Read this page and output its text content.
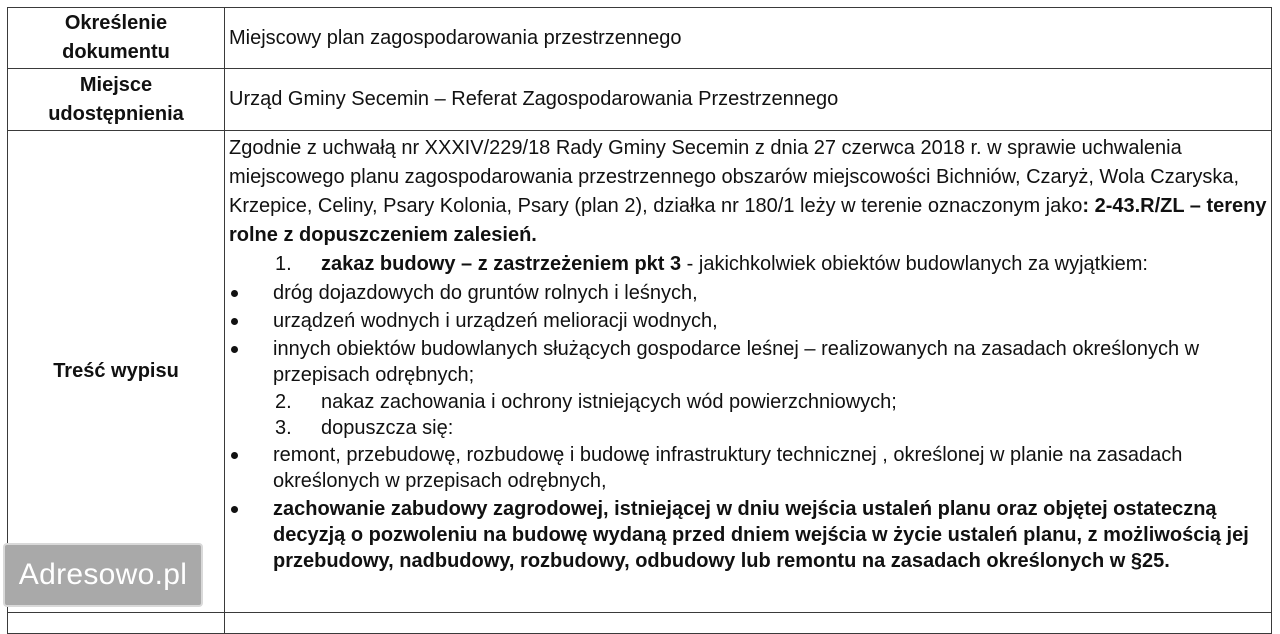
Określenie
dokumentu	Miejscowy plan zagospodarowania przestrzennego

Miejsce
udostępnienia	Urząd Gminy Secemin – Referat Zagospodarowania Przestrzennego
Treść wypisu	

Zgodnie z uchwałą nr XXXIV/229/18 Rady Gminy Secemin z dnia 27 czerwca 2018 r. w sprawie uchwalenia miejscowego planu zagospodarowania przestrzennego obszarów miejscowości Bichniów, Czaryż, Wola Czaryska, Krzepice, Celiny, Psary Kolonia, Psary (plan 2), działka nr 180/1 leży w terenie oznaczonym jako: 2-43.R/ZL – tereny rolne z dopuszczeniem zalesień.

1.	zakaz budowy – z zastrzeżeniem pkt 3 - jakichkolwiek obiektów budowlanych za wyjątkiem:
dróg dojazdowych do gruntów rolnych i leśnych,
urządzeń wodnych i urządzeń melioracji wodnych,
innych obiektów budowlanych służących gospodarce leśnej – realizowanych na zasadach określonych w przepisach odrębnych;
2.	nakaz zachowania i ochrony istniejących wód powierzchniowych;
3.	dopuszcza się:
remont, przebudowę, rozbudowę i budowę infrastruktury technicznej , określonej w planie na zasadach określonych w przepisach odrębnych,
zachowanie zabudowy zagrodowej, istniejącej w dniu wejścia ustaleń planu oraz objętej ostateczną decyzją o pozwoleniu na budowę wydaną przed dniem wejścia w życie ustaleń planu, z możliwością jej przebudowy, nadbudowy, rozbudowy, odbudowy lub remontu na zasadach określonych w §25.

Adresowo.pl
